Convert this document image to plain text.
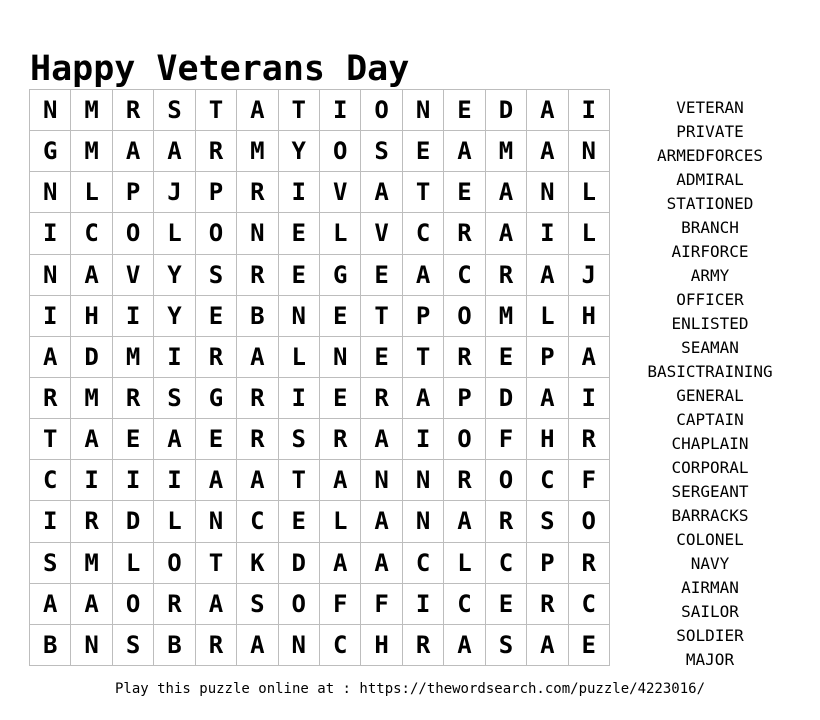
Happy Veterans Day
N	M	R	S	T	A	T	I	O	N	E	D	A	I
G	M	A	A	R	M	Y	O	S	E	A	M	A	N
N	L	P	J	P	R	I	V	A	T	E	A	N	L
I	C	O	L	O	N	E	L	V	C	R	A	I	L
N	A	V	Y	S	R	E	G	E	A	C	R	A	J
I	H	I	Y	E	B	N	E	T	P	O	M	L	H
A	D	M	I	R	A	L	N	E	T	R	E	P	A
R	M	R	S	G	R	I	E	R	A	P	D	A	I
T	A	E	A	E	R	S	R	A	I	O	F	H	R
C	I	I	I	A	A	T	A	N	N	R	O	C	F
I	R	D	L	N	C	E	L	A	N	A	R	S	O
S	M	L	O	T	K	D	A	A	C	L	C	P	R
A	A	O	R	A	S	O	F	F	I	C	E	R	C
B	N	S	B	R	A	N	C	H	R	A	S	A	E
VETERAN
PRIVATE
ARMEDFORCES
ADMIRAL
STATIONED
BRANCH
AIRFORCE
ARMY
OFFICER
ENLISTED
SEAMAN
BASICTRAINING
GENERAL
CAPTAIN
CHAPLAIN
CORPORAL
SERGEANT
BARRACKS
COLONEL
NAVY
AIRMAN
SAILOR
SOLDIER
MAJOR
Play this puzzle online at : https://thewordsearch.com/puzzle/4223016/
